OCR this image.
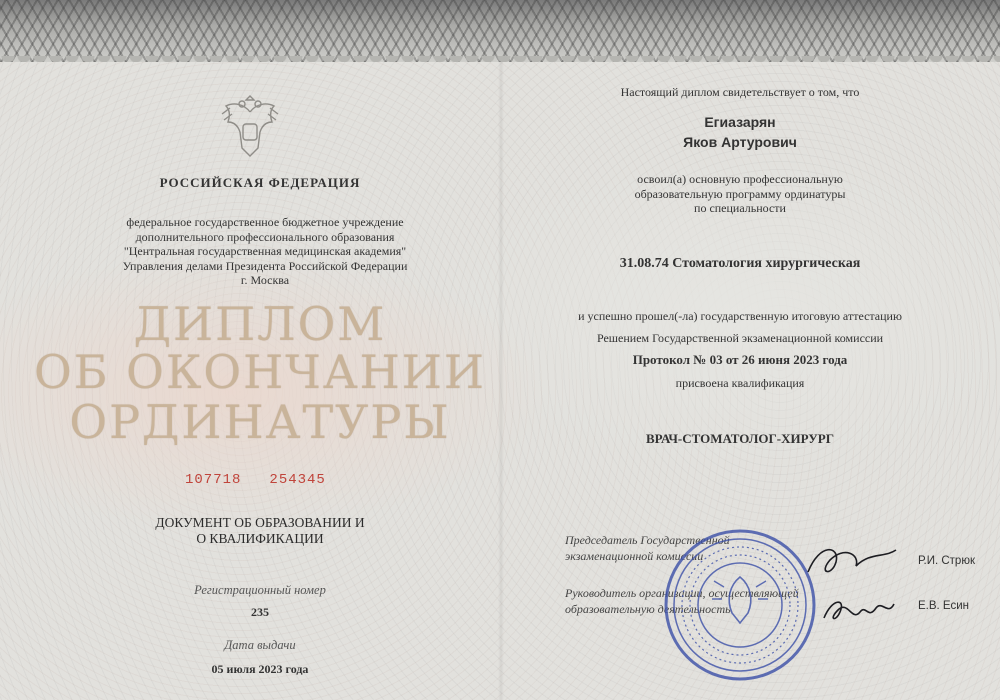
РОССИЙСКАЯ ФЕДЕРАЦИЯ
федеральное государственное бюджетное учреждение
дополнительного профессионального образования
"Центральная государственная медицинская академия"
Управления делами Президента Российской Федерации
г. Москва
ДИПЛОМ
ОБ ОКОНЧАНИИ
ОРДИНАТУРЫ
107718 254345
ДОКУМЕНТ ОБ ОБРАЗОВАНИИ И
О КВАЛИФИКАЦИИ
Регистрационный номер
235
Дата выдачи
05 июля 2023 года
Настоящий диплом свидетельствует о том, что
Егиазарян
Яков Артурович
освоил(а) основную профессиональную
образовательную программу ординатуры
по специальности
31.08.74 Стоматология хирургическая
и успешно прошел(-ла) государственную итоговую аттестацию
Решением Государственной экзаменационной комиссии
Протокол № 03 от 26 июня 2023 года
присвоена квалификация
ВРАЧ-СТОМАТОЛОГ-ХИРУРГ
Председатель Государственной
экзаменационной комиссии
Руководитель организации, осуществляющей
образовательную деятельность
Р.И. Стрюк
Е.В. Есин
